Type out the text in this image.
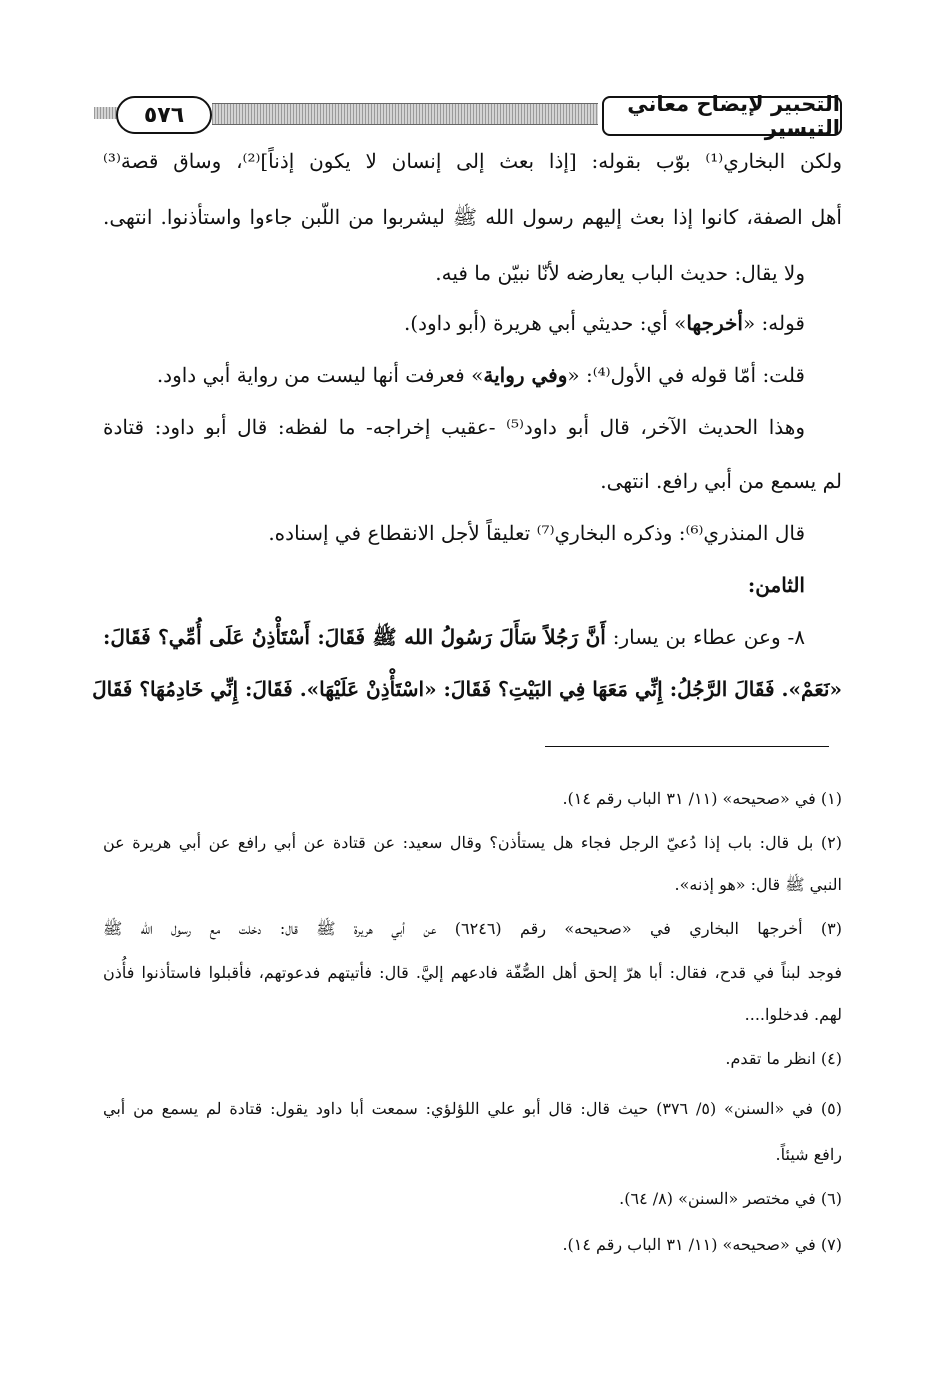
التحبير لإيضاح معاني التيسير
٥٧٦
ولكن البخاري⁽¹⁾ بوّب بقوله: [إذا بعث إلى إنسان لا يكون إذناً]⁽²⁾، وساق قصة⁽³⁾
أهل الصفة، كانوا إذا بعث إليهم رسول الله ﷺ ليشربوا من اللّبن جاءوا واستأذنوا. انتهى.
ولا يقال: حديث الباب يعارضه لأنّا نبيّن ما فيه.
قوله: «أخرجها» أي: حديثي أبي هريرة (أبو داود).
قلت: أمّا قوله في الأول⁽⁴⁾: «وفي رواية» فعرفت أنها ليست من رواية أبي داود.
وهذا الحديث الآخر، قال أبو داود⁽⁵⁾ -عقيب إخراجه- ما لفظه: قال أبو داود: قتادة
لم يسمع من أبي رافع. انتهى.
قال المنذري⁽⁶⁾: وذكره البخاري⁽⁷⁾ تعليقاً لأجل الانقطاع في إسناده.
الثامن:
٨- وعن عطاء بن يسار: أَنَّ رَجُلاً سَأَلَ رَسُولُ الله ﷺ فَقَالَ: أَسْتَأْذِنُ عَلَى أُمِّي؟ فَقَالَ:
«نَعَمْ». فَقَالَ الرَّجُلُ: إِنِّي مَعَهَا فِي البَيْتِ؟ فَقَالَ: «اسْتَأْذِنْ عَلَيْهَا». فَقَالَ: إِنِّي خَادِمُهَا؟ فَقَالَ
(١) في «صحيحه» (١١/ ٣١ الباب رقم ١٤).
(٢) بل قال: باب إذا دُعيّ الرجل فجاء هل يستأذن؟ وقال سعيد: عن قتادة عن أبي رافع عن أبي هريرة عن
النبي ﷺ قال: «هو إذنه».
(٣) أخرجها البخاري في «صحيحه» رقم (٦٢٤٦) عن أبي هريرة ﷺ قال: دخلت مع رسول الله ﷺ
فوجد لبناً في قدح، فقال: أبا هرّ إلحق أهل الصُّفّة فادعهم إليَّ. قال: فأتيتهم فدعوتهم، فأقبلوا فاستأذنوا فأُذن
لهم. فدخلوا....
(٤) انظر ما تقدم.
(٥) في «السنن» (٥/ ٣٧٦) حيث قال: قال أبو علي اللؤلؤي: سمعت أبا داود يقول: قتادة لم يسمع من أبي
رافع شيئاً.
(٦) في مختصر «السنن» (٨/ ٦٤).
(٧) في «صحيحه» (١١/ ٣١ الباب رقم ١٤).
